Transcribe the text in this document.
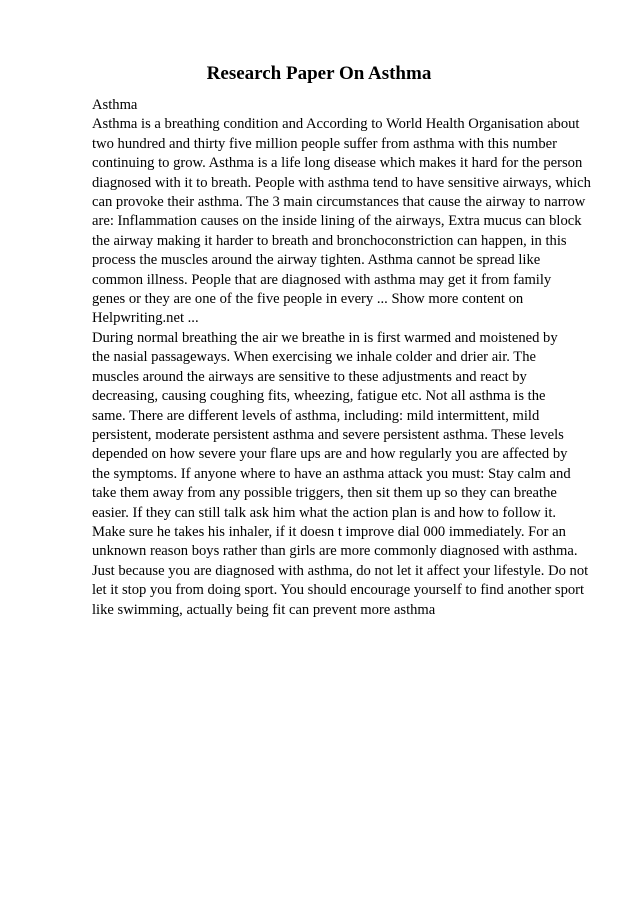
Research Paper On Asthma
Asthma
Asthma is a breathing condition and According to World Health Organisation about
two hundred and thirty five million people suffer from asthma with this number
continuing to grow. Asthma is a life long disease which makes it hard for the person
diagnosed with it to breath. People with asthma tend to have sensitive airways, which
can provoke their asthma. The 3 main circumstances that cause the airway to narrow
are: Inflammation causes on the inside lining of the airways, Extra mucus can block
the airway making it harder to breath and bronchoconstriction can happen, in this
process the muscles around the airway tighten. Asthma cannot be spread like
common illness. People that are diagnosed with asthma may get it from family
genes or they are one of the five people in every ... Show more content on
Helpwriting.net ...
During normal breathing the air we breathe in is first warmed and moistened by
the nasial passageways. When exercising we inhale colder and drier air. The
muscles around the airways are sensitive to these adjustments and react by
decreasing, causing coughing fits, wheezing, fatigue etc. Not all asthma is the
same. There are different levels of asthma, including: mild intermittent, mild
persistent, moderate persistent asthma and severe persistent asthma. These levels
depended on how severe your flare ups are and how regularly you are affected by
the symptoms. If anyone where to have an asthma attack you must: Stay calm and
take them away from any possible triggers, then sit them up so they can breathe
easier. If they can still talk ask him what the action plan is and how to follow it.
Make sure he takes his inhaler, if it doesn t improve dial 000 immediately. For an
unknown reason boys rather than girls are more commonly diagnosed with asthma.
Just because you are diagnosed with asthma, do not let it affect your lifestyle. Do not
let it stop you from doing sport. You should encourage yourself to find another sport
like swimming, actually being fit can prevent more asthma
